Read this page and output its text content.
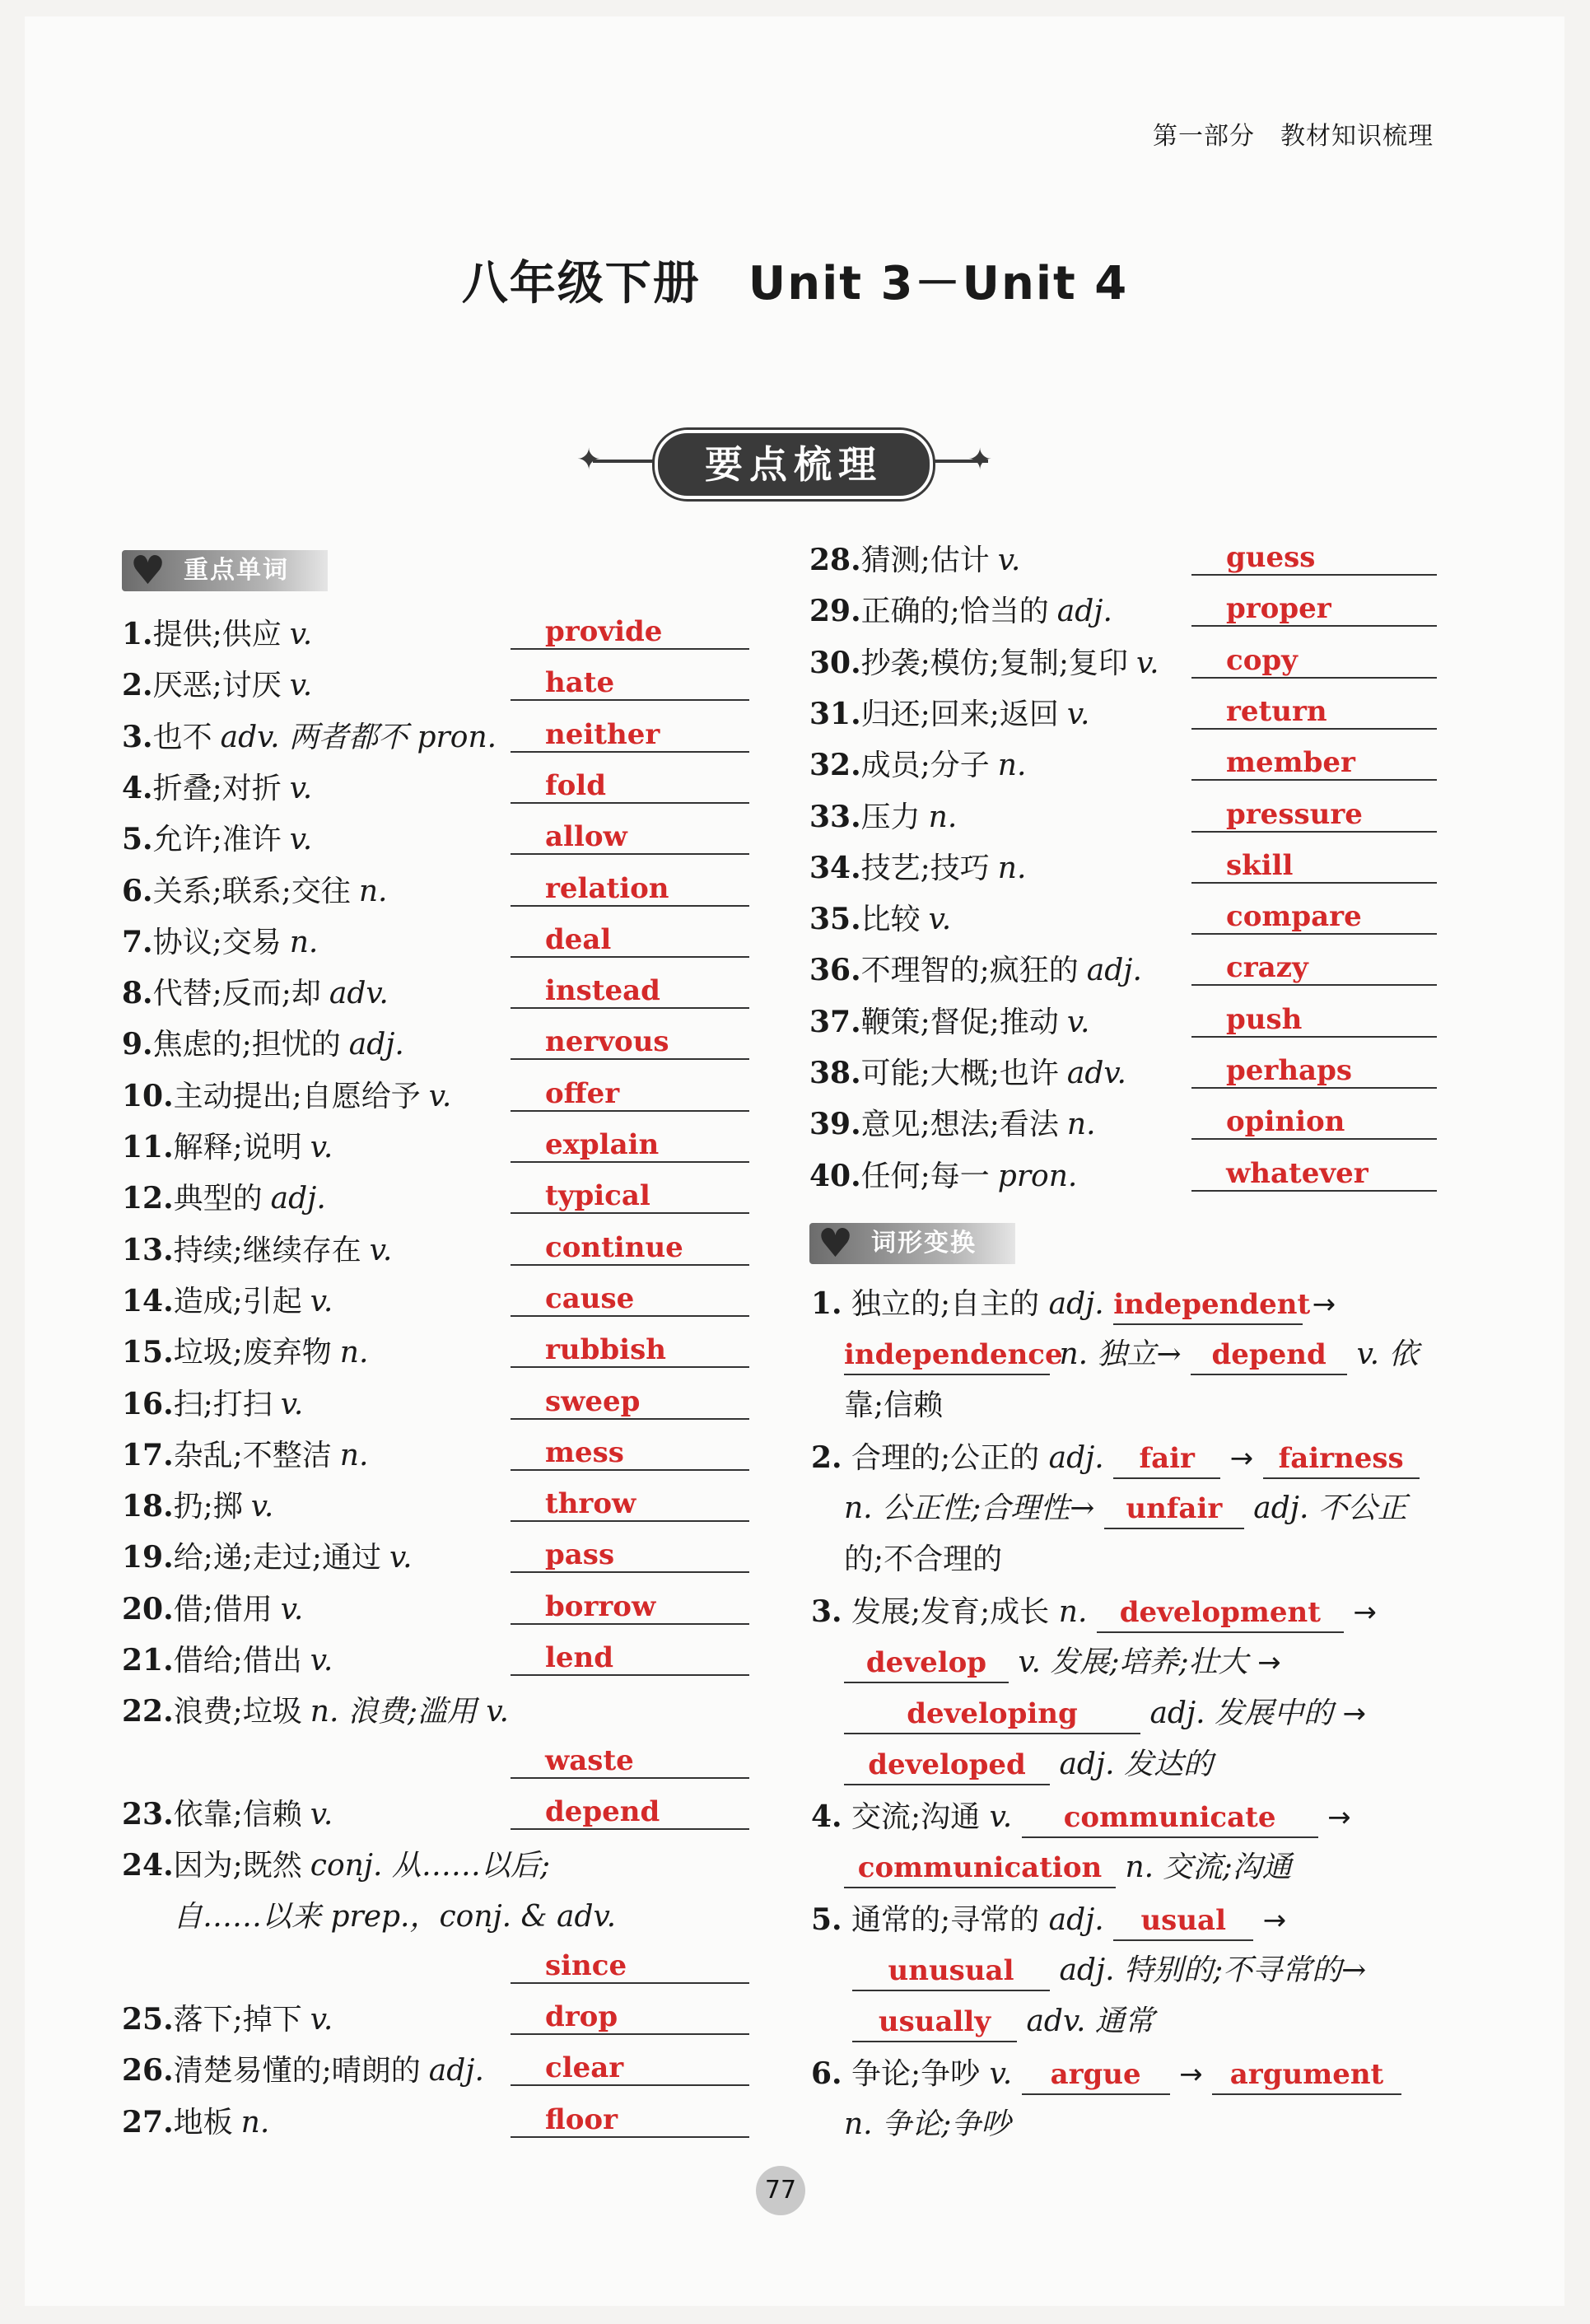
第一部分　教材知识梳理
八年级下册　Unit 3－Unit 4
✦	✦
要点梳理
♥ 重点单词
1.提供;供应 v.	provide
2.厌恶;讨厌 v.	hate
3.也不 adv. 两者都不 pron.	neither
4.折叠;对折 v.	fold
5.允许;准许 v.	allow
6.关系;联系;交往 n.	relation
7.协议;交易 n.	deal
8.代替;反而;却 adv.	instead
9.焦虑的;担忧的 adj.	nervous
10.主动提出;自愿给予 v.	offer
11.解释;说明 v.	explain
12.典型的 adj.	typical
13.持续;继续存在 v.	continue
14.造成;引起 v.	cause
15.垃圾;废弃物 n.	rubbish
16.扫;打扫 v.	sweep
17.杂乱;不整洁 n.	mess
18.扔;掷 v.	throw
19.给;递;走过;通过 v.	pass
20.借;借用 v.	borrow
21.借给;借出 v.	lend
22.浪费;垃圾 n. 浪费;滥用 v.
waste
23.依靠;信赖 v.	depend
24.因为;既然 conj. 从……以后;
自……以来 prep.，conj. & adv.
since
25.落下;掉下 v.	drop
26.清楚易懂的;晴朗的 adj.	clear
27.地板 n.	floor
28.猜测;估计 v.	guess
29.正确的;恰当的 adj.	proper
30.抄袭;模仿;复制;复印 v.	copy
31.归还;回来;返回 v.	return
32.成员;分子 n.	member
33.压力 n.	pressure
34.技艺;技巧 n.	skill
35.比较 v.	compare
36.不理智的;疯狂的 adj.	crazy
37.鞭策;督促;推动 v.	push
38.可能;大概;也许 adv.	perhaps
39.意见;想法;看法 n.	opinion
40.任何;每一 pron.	whatever
♥ 词形变换
1. 独立的;自主的 adj. independent →
independence n. 独立→ depend v. 依
靠;信赖
2. 合理的;公正的 adj. fair → fairness
n. 公正性;合理性→ unfair adj. 不公正
的;不合理的
3. 发展;发育;成长 n. development →
develop v. 发展;培养;壮大 →
developing adj. 发展中的 →
developed adj. 发达的
4. 交流;沟通 v. communicate →
communication n. 交流;沟通
5. 通常的;寻常的 adj. usual →
unusual adj. 特别的;不寻常的→
usually adv. 通常
6. 争论;争吵 v. argue → argument
n. 争论;争吵
77
